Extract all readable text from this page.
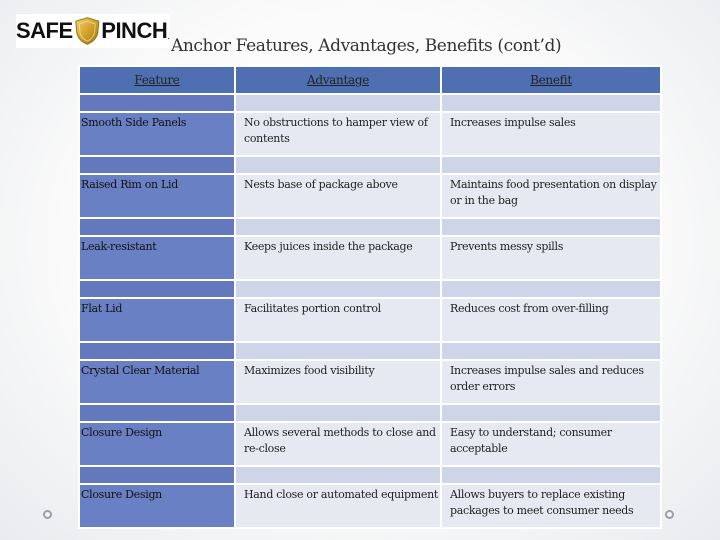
SAFE PINCH . Anchor Features, Advantages, Benefits (cont’d)
Feature	Advantage	Benefit

Smooth Side Panels	No obstructions to hamper view of contents	Increases impulse sales

Raised Rim on Lid	Nests base of package above	Maintains food presentation on display or in the bag

Leak-resistant	Keeps juices inside the package	Prevents messy spills

Flat Lid	Facilitates portion control	Reduces cost from over-filling

Crystal Clear Material	Maximizes food visibility	Increases impulse sales and reduces order errors

Closure Design	Allows several methods to close and re-close	Easy to understand; consumer acceptable

Closure Design	Hand close or automated equipment	Allows buyers to replace existing packages to meet consumer needs
